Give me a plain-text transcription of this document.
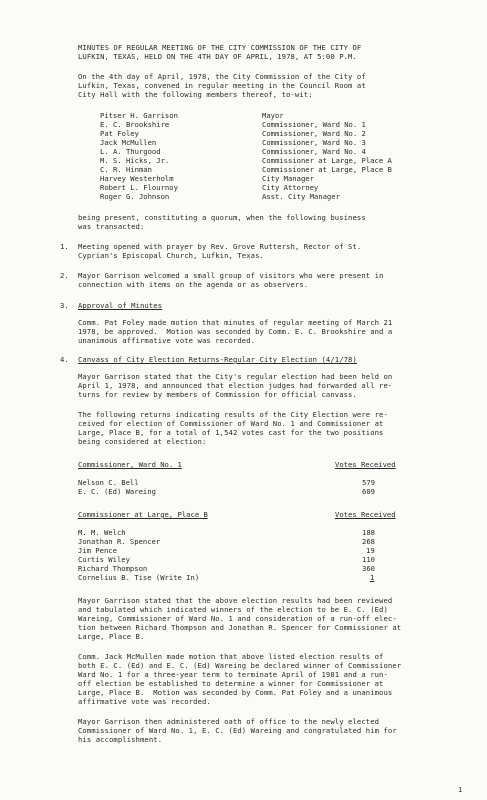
MINUTES OF REGULAR MEETING OF THE CITY COMMISSION OF THE CITY OF
LUFKIN, TEXAS, HELD ON THE 4TH DAY OF APRIL, 1978, AT 5:00 P.M.
On the 4th day of April, 1978, the City Commission of the City of
Lufkin, Texas, convened in regular meeting in the Council Room at
City Hall with the following members thereof, to-wit:
Pitser H. Garrison	Mayor
E. C. Brookshire	Commissioner, Ward No. 1
Pat Foley	Commissioner, Ward No. 2
Jack McMullen	Commissioner, Ward No. 3
L. A. Thurgood	Commissioner, Ward No. 4
M. S. Hicks, Jr.	Commissioner at Large, Place A
C. R. Hinman	Commissioner at Large, Place B
Harvey Westerholm	City Manager
Robert L. Flournoy	City Attorney
Roger G. Johnson	Asst. City Manager
being present, constituting a quorum, when the following business
was transacted:
1. Meeting opened with prayer by Rev. Grove Ruttersh, Rector of St.
Cyprian's Episcopal Church, Lufkin, Texas.
2. Mayor Garrison welcomed a small group of visitors who were present in
connection with items on the agenda or as observers.
3. Approval of Minutes
Comm. Pat Foley made motion that minutes of regular meeting of March 21
1978, be approved.  Motion was seconded by Comm. E. C. Brookshire and a
unanimous affirmative vote was recorded.
4. Canvass of City Election Returns-Regular City Election (4/1/78)
Mayor Garrison stated that the City's regular election had been held on
April 1, 1978, and announced that election judges had forwarded all re-
turns for review by members of Commission for official canvass.
The following returns indicating results of the City Election were re-
ceived for election of Commissioner of Ward No. 1 and Commissioner at
Large, Place B, for a total of 1,542 votes cast for the two positions
being considered at election:
Commissioner, Ward No. 1	Votes Received
Nelson C. Bell	579
E. C. (Ed) Wareing	609
Commissioner at Large, Place B	Votes Received
M. M. Welch	188
Jonathan R. Spencer	268
Jim Pence	19
Curtis Wiley	110
Richard Thompson	360
Cornelius B. Tise (Write In)	1
Mayor Garrison stated that the above election results had been reviewed
and tabulated which indicated winners of the election to be E. C. (Ed)
Wareing, Commissioner of Ward No. 1 and consideration of a run-off elec-
tion between Richard Thompson and Jonathan R. Spencer for Commissioner at
Large, Place B.
Comm. Jack McMullen made motion that above listed election results of
both E. C. (Ed) and E. C. (Ed) Wareing be declared winner of Commissioner
Ward No. 1 for a three-year term to terminate April of 1981 and a run-
off election be established to determine a winner for Commissioner at
Large, Place B.  Motion was seconded by Comm. Pat Foley and a unanimous
affirmative vote was recorded.
Mayor Garrison then administered oath of office to the newly elected
Commissioner of Ward No. 1, E. C. (Ed) Wareing and congratulated him for
his accomplishment.
1
